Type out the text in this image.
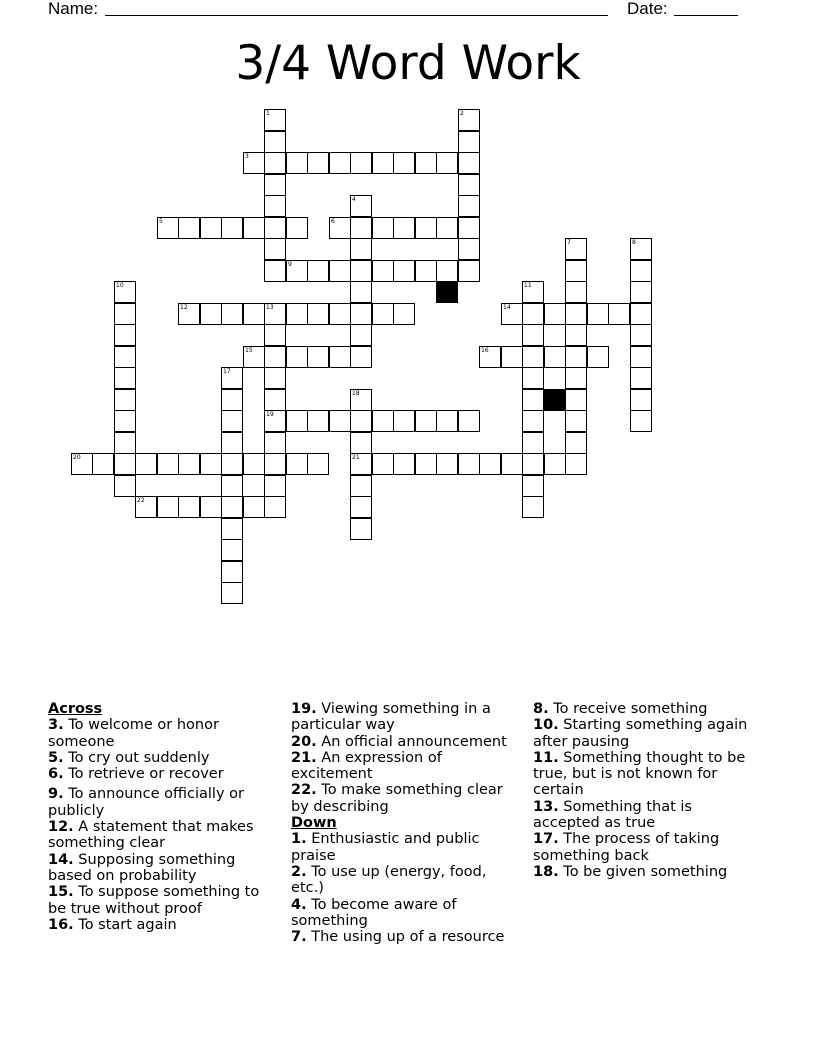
Name:	Date:
3/4 Word Work
3
5	6
9
12	13	14
15	16
19
20	21
22
1	2
4
7	8
10	11
17
18
Across
3. To welcome or honor someone
5. To cry out suddenly
6. To retrieve or recover
9. To announce officially or publicly
12. A statement that makes something clear
14. Supposing something based on probability
15. To suppose something to be true without proof
16. To start again
19. Viewing something in a particular way
20. An official announcement
21. An expression of excitement
22. To make something clear by describing
Down
1. Enthusiastic and public praise
2. To use up (energy, food, etc.)
4. To become aware of something
7. The using up of a resource
8. To receive something
10. Starting something again after pausing
11. Something thought to be true, but is not known for certain
13. Something that is accepted as true
17. The process of taking something back
18. To be given something
